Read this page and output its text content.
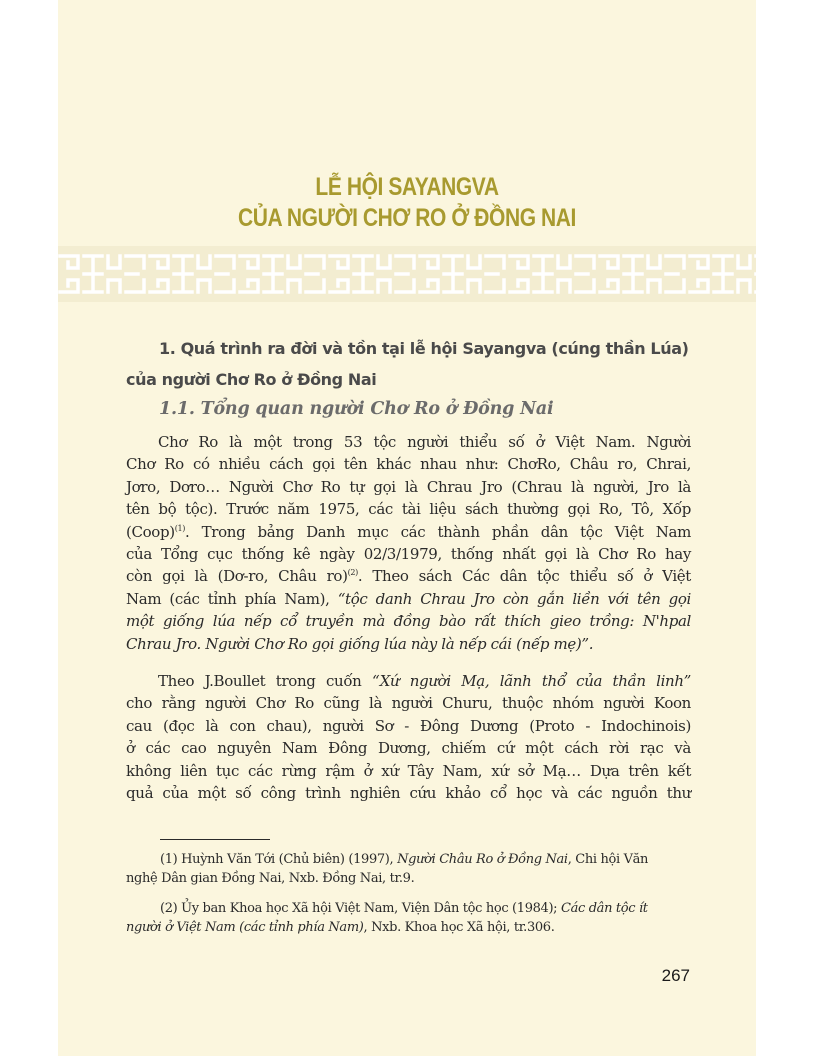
LỄ HỘI SAYANGVA
CỦA NGƯỜI CHƠ RO Ở ĐỒNG NAI
1. Quá trình ra đời và tồn tại lễ hội Sayangva (cúng thần Lúa)
của người Chơ Ro ở Đồng Nai
1.1. Tổng quan người Chơ Ro ở Đồng Nai
Chơ Ro là một trong 53 tộc người thiểu số ở Việt Nam. Người
Chơ Ro có nhiều cách gọi tên khác nhau như: ChơRo, Châu ro, Chrai,
Jơro, Dơro… Người Chơ Ro tự gọi là Chrau Jro (Chrau là người, Jro là
tên bộ tộc). Trước năm 1975, các tài liệu sách thường gọi Ro, Tô, Xốp
(Coop)$^{(1)}$. Trong bảng Danh mục các thành phần dân tộc Việt Nam
của Tổng cục thống kê ngày 02/3/1979, thống nhất gọi là Chơ Ro hay
còn gọi là (Dơ-ro, Châu ro)$^{(2)}$. Theo sách Các dân tộc thiểu số ở Việt
Nam (các tỉnh phía Nam), “tộc danh Chrau Jro còn gắn liền với tên gọi
một giống lúa nếp cổ truyền mà đồng bào rất thích gieo trồng: N'hpal
Chrau Jro. Người Chơ Ro gọi giống lúa này là nếp cái (nếp mẹ)”.
Theo J.Boullet trong cuốn “Xứ người Mạ, lãnh thổ của thần linh”
cho rằng người Chơ Ro cũng là người Churu, thuộc nhóm người Koon
cau (đọc là con chau), người Sơ - Đông Dương (Proto - Indochinois)
ở các cao nguyên Nam Đông Dương, chiếm cứ một cách rời rạc và
không liên tục các rừng rậm ở xứ Tây Nam, xứ sở Mạ… Dựa trên kết
quả của một số công trình nghiên cứu khảo cổ học và các nguồn thư
(1) Huỳnh Văn Tới (Chủ biên) (1997), Người Châu Ro ở Đồng Nai, Chi hội Văn
nghệ Dân gian Đồng Nai, Nxb. Đồng Nai, tr.9.
(2) Ủy ban Khoa học Xã hội Việt Nam, Viện Dân tộc học (1984); Các dân tộc ít
người ở Việt Nam (các tỉnh phía Nam), Nxb. Khoa học Xã hội, tr.306.
267
